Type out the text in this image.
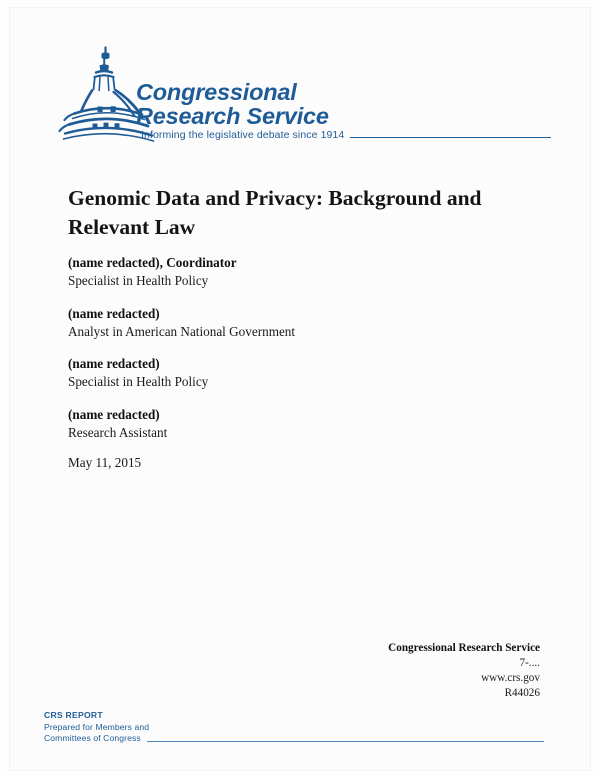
Congressional
Research Service
Informing the legislative debate since 1914
Genomic Data and Privacy: Background and Relevant Law
(name redacted), Coordinator
Specialist in Health Policy
(name redacted)
Analyst in American National Government
(name redacted)
Specialist in Health Policy
(name redacted)
Research Assistant
May 11, 2015
Congressional Research Service
7-....
www.crs.gov
R44026
CRS REPORT
Prepared for Members and
Committees of Congress
